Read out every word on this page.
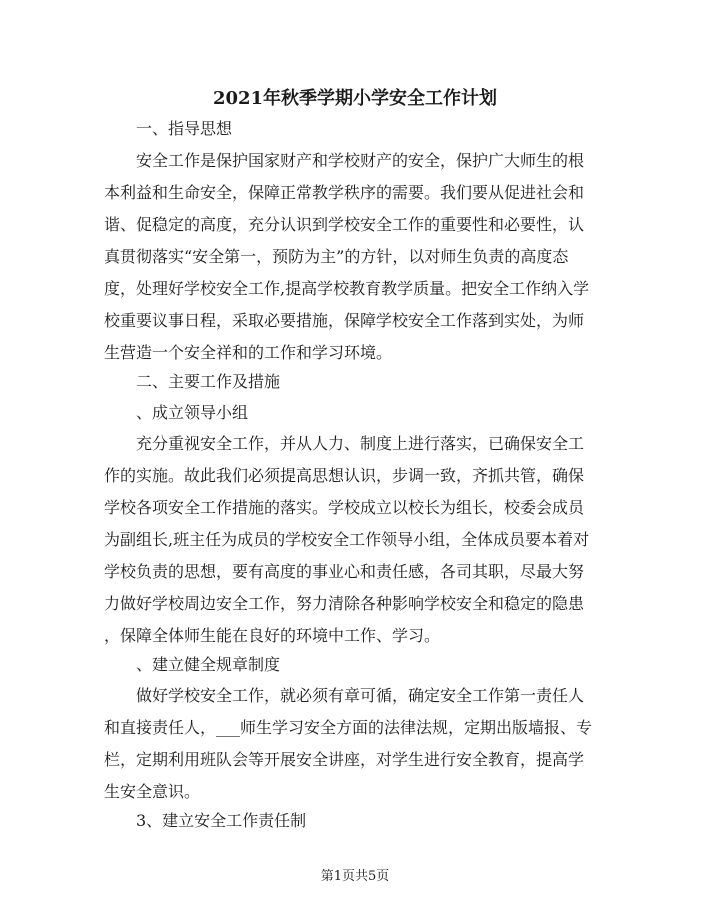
2021年秋季学期小学安全工作计划
一、指导思想
安全工作是保护国家财产和学校财产的安全，保护广大师生的根
本利益和生命安全，保障正常教学秩序的需要。我们要从促进社会和
谐、促稳定的高度，充分认识到学校安全工作的重要性和必要性，认
真贯彻落实“安全第一，预防为主”的方针，以对师生负责的高度态
度，处理好学校安全工作,提高学校教育教学质量。把安全工作纳入学
校重要议事日程，采取必要措施，保障学校安全工作落到实处，为师
生营造一个安全祥和的工作和学习环境。
二、主要工作及措施
、成立领导小组
充分重视安全工作，并从人力、制度上进行落实，已确保安全工
作的实施。故此我们必须提高思想认识，步调一致，齐抓共管，确保
学校各项安全工作措施的落实。学校成立以校长为组长，校委会成员
为副组长,班主任为成员的学校安全工作领导小组，全体成员要本着对
学校负责的思想，要有高度的事业心和责任感，各司其职，尽最大努
力做好学校周边安全工作，努力清除各种影响学校安全和稳定的隐患
，保障全体师生能在良好的环境中工作、学习。
、建立健全规章制度
做好学校安全工作，就必须有章可循，确定安全工作第一责任人
和直接责任人，___师生学习安全方面的法律法规，定期出版墙报、专
栏，定期利用班队会等开展安全讲座，对学生进行安全教育，提高学
生安全意识。
3、建立安全工作责任制
第1页共5页
